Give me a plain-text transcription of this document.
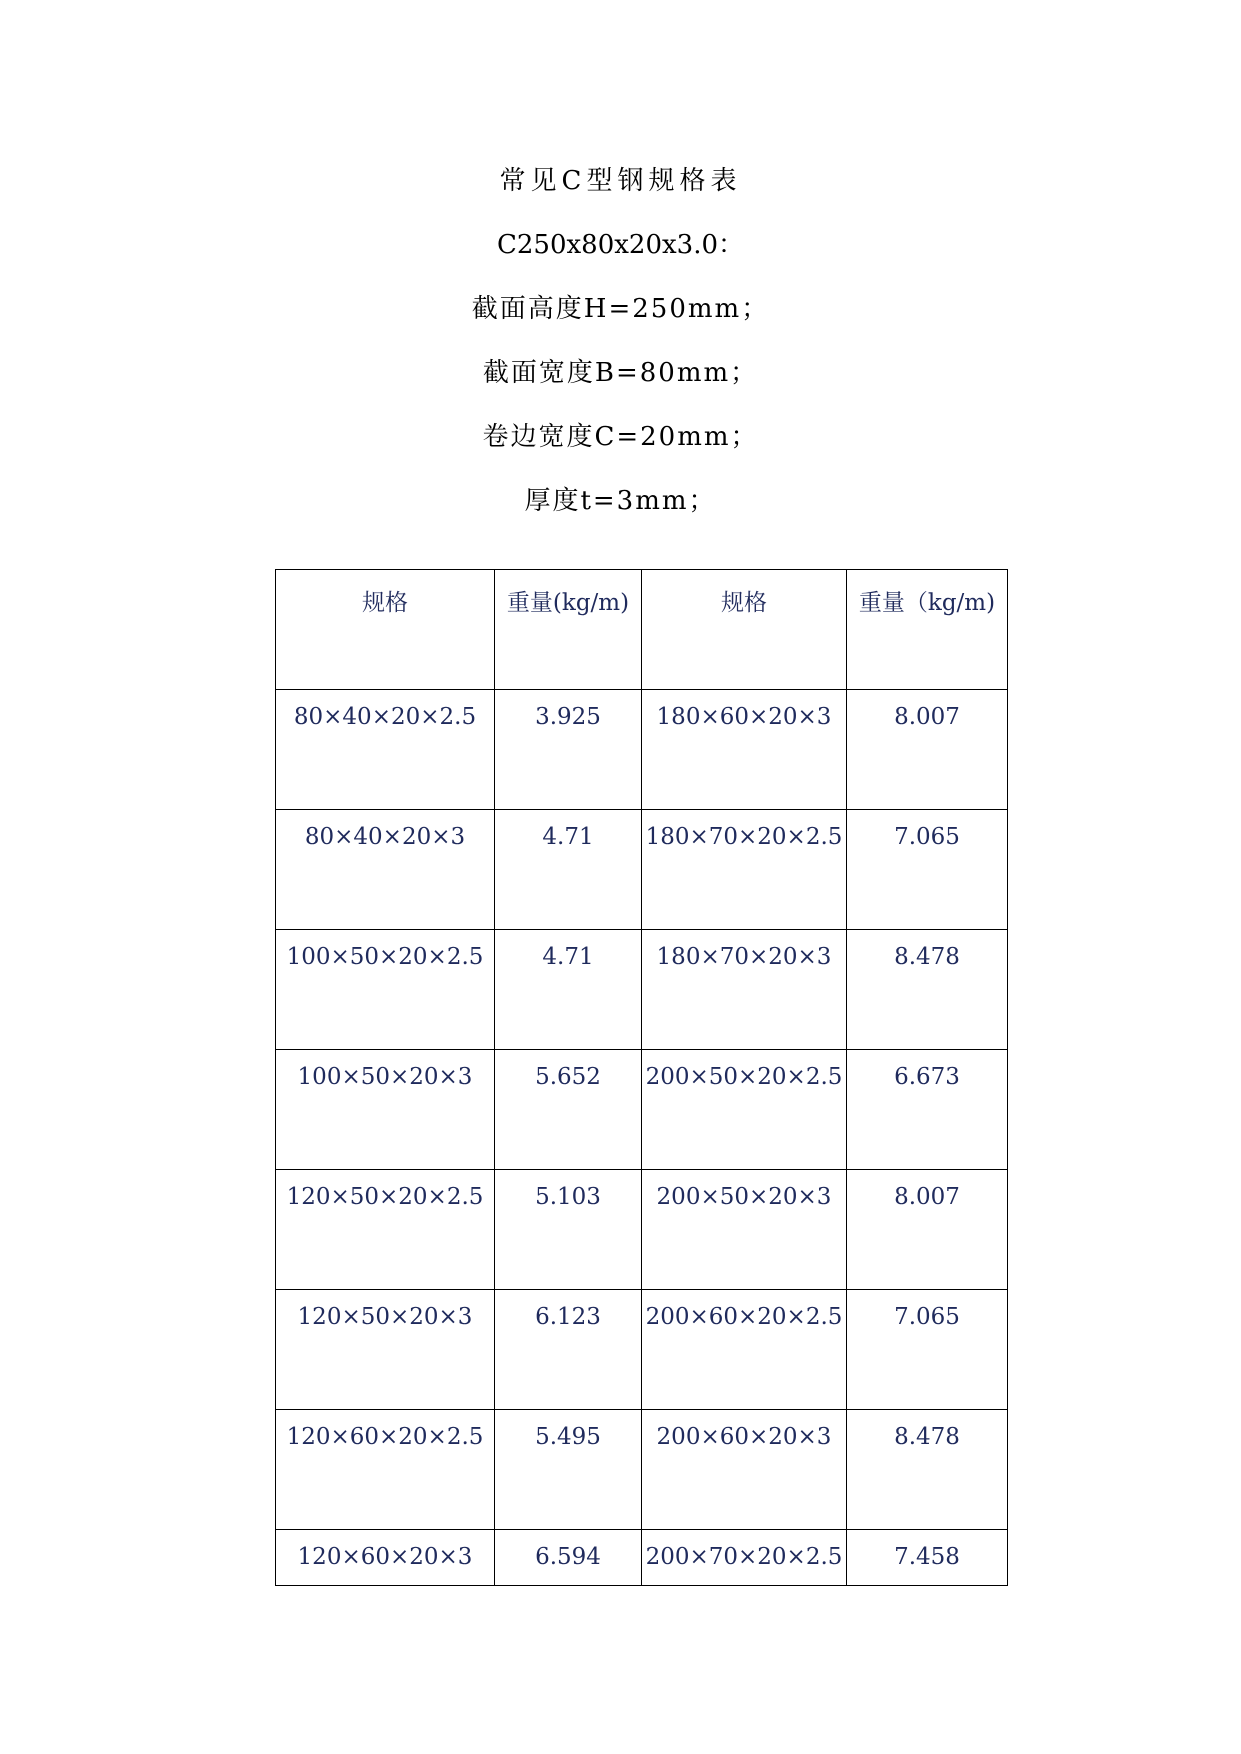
常见C型钢规格表
C250x80x20x3.0：
截面高度H=250mm；
截面宽度B=80mm；
卷边宽度C=20mm；
厚度t=3mm；
规格	重量(kg/m)	规格	重量（kg/m)
80×40×20×2.5	3.925	180×60×20×3	8.007
80×40×20×3	4.71	180×70×20×2.5	7.065
100×50×20×2.5	4.71	180×70×20×3	8.478
100×50×20×3	5.652	200×50×20×2.5	6.673
120×50×20×2.5	5.103	200×50×20×3	8.007
120×50×20×3	6.123	200×60×20×2.5	7.065
120×60×20×2.5	5.495	200×60×20×3	8.478
120×60×20×3	6.594	200×70×20×2.5	7.458
